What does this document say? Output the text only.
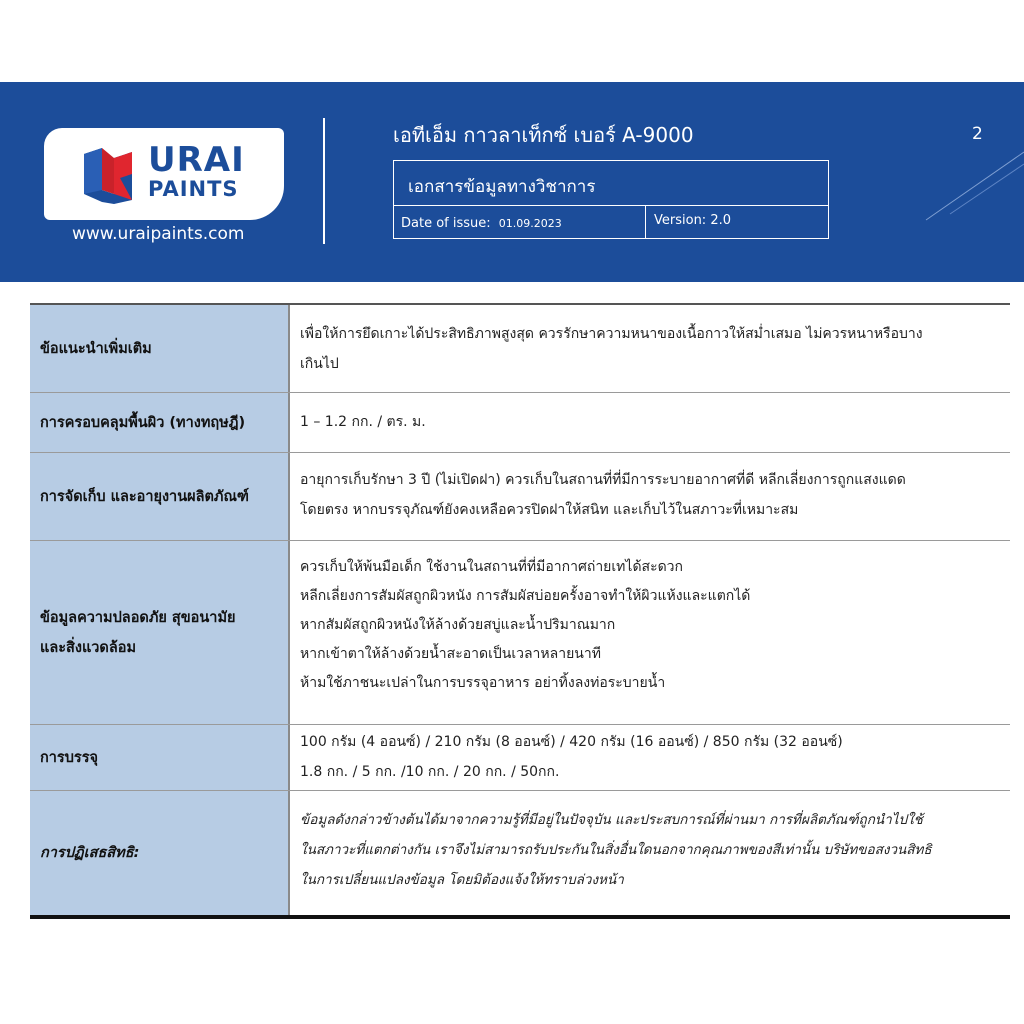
URAI
PAINTS
www.uraipaints.com
เอทีเอ็ม กาวลาเท็กซ์ เบอร์ A-9000
เอกสารข้อมูลทางวิชาการ
Date of issue: 01.09.2023	Version: 2.0
2
ข้อแนะนำเพิ่มเติม
เพื่อให้การยึดเกาะได้ประสิทธิภาพสูงสุด ควรรักษาความหนาของเนื้อกาวให้สม่ำเสมอ ไม่ควรหนาหรือบาง
เกินไป
การครอบคลุมพื้นผิว (ทางทฤษฎี)	1 – 1.2 กก. / ตร. ม.
การจัดเก็บ และอายุงานผลิตภัณฑ์
อายุการเก็บรักษา 3 ปี (ไม่เปิดฝา) ควรเก็บในสถานที่ที่มีการระบายอากาศที่ดี หลีกเลี่ยงการถูกแสงแดด
โดยตรง หากบรรจุภัณฑ์ยังคงเหลือควรปิดฝาให้สนิท และเก็บไว้ในสภาวะที่เหมาะสม
ข้อมูลความปลอดภัย สุขอนามัย
และสิ่งแวดล้อม
ควรเก็บให้พ้นมือเด็ก ใช้งานในสถานที่ที่มีอากาศถ่ายเทได้สะดวก
หลีกเลี่ยงการสัมผัสถูกผิวหนัง การสัมผัสบ่อยครั้งอาจทำให้ผิวแห้งและแตกได้
หากสัมผัสถูกผิวหนังให้ล้างด้วยสบู่และน้ำปริมาณมาก
หากเข้าตาให้ล้างด้วยน้ำสะอาดเป็นเวลาหลายนาที
ห้ามใช้ภาชนะเปล่าในการบรรจุอาหาร อย่าทิ้งลงท่อระบายน้ำ
การบรรจุ
100 กรัม (4 ออนซ์) / 210 กรัม (8 ออนซ์) / 420 กรัม (16 ออนซ์) / 850 กรัม (32 ออนซ์)
1.8 กก. / 5 กก. /10 กก. / 20 กก. / 50กก.
การปฏิเสธสิทธิ:
ข้อมูลดังกล่าวข้างต้นได้มาจากความรู้ที่มีอยู่ในปัจจุบัน และประสบการณ์ที่ผ่านมา การที่ผลิตภัณฑ์ถูกนำไปใช้
ในสภาวะที่แตกต่างกัน เราจึงไม่สามารถรับประกันในสิ่งอื่นใดนอกจากคุณภาพของสีเท่านั้น บริษัทขอสงวนสิทธิ
ในการเปลี่ยนแปลงข้อมูล โดยมิต้องแจ้งให้ทราบล่วงหน้า
